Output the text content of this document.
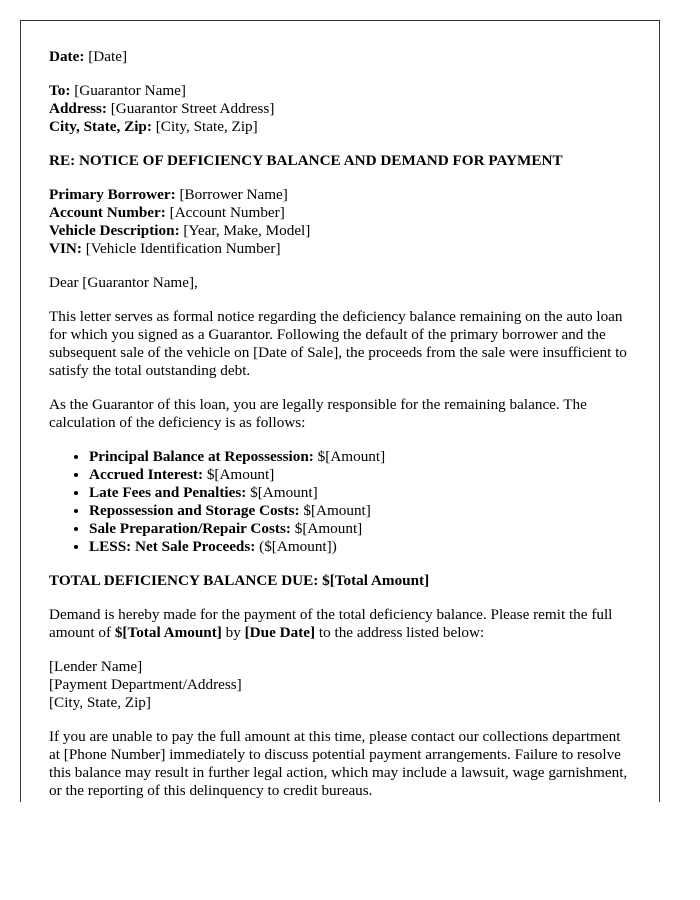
Date: [Date]

To: [Guarantor Name]
Address: [Guarantor Street Address]
City, State, Zip: [City, State, Zip]

RE: NOTICE OF DEFICIENCY BALANCE AND DEMAND FOR PAYMENT

Primary Borrower: [Borrower Name]
Account Number: [Account Number]
Vehicle Description: [Year, Make, Model]
VIN: [Vehicle Identification Number]

Dear [Guarantor Name],

This letter serves as formal notice regarding the deficiency balance remaining on the auto loan for which you signed as a Guarantor. Following the default of the primary borrower and the subsequent sale of the vehicle on [Date of Sale], the proceeds from the sale were insufficient to satisfy the total outstanding debt.

As the Guarantor of this loan, you are legally responsible for the remaining balance. The calculation of the deficiency is as follows:

• Principal Balance at Repossession: $[Amount]
• Accrued Interest: $[Amount]
• Late Fees and Penalties: $[Amount]
• Repossession and Storage Costs: $[Amount]
• Sale Preparation/Repair Costs: $[Amount]
• LESS: Net Sale Proceeds: ($[Amount])

TOTAL DEFICIENCY BALANCE DUE: $[Total Amount]

Demand is hereby made for the payment of the total deficiency balance. Please remit the full amount of $[Total Amount] by [Due Date] to the address listed below:

[Lender Name]
[Payment Department/Address]
[City, State, Zip]

If you are unable to pay the full amount at this time, please contact our collections department at [Phone Number] immediately to discuss potential payment arrangements. Failure to resolve this balance may result in further legal action, which may include a lawsuit, wage garnishment, or the reporting of this delinquency to credit bureaus.
